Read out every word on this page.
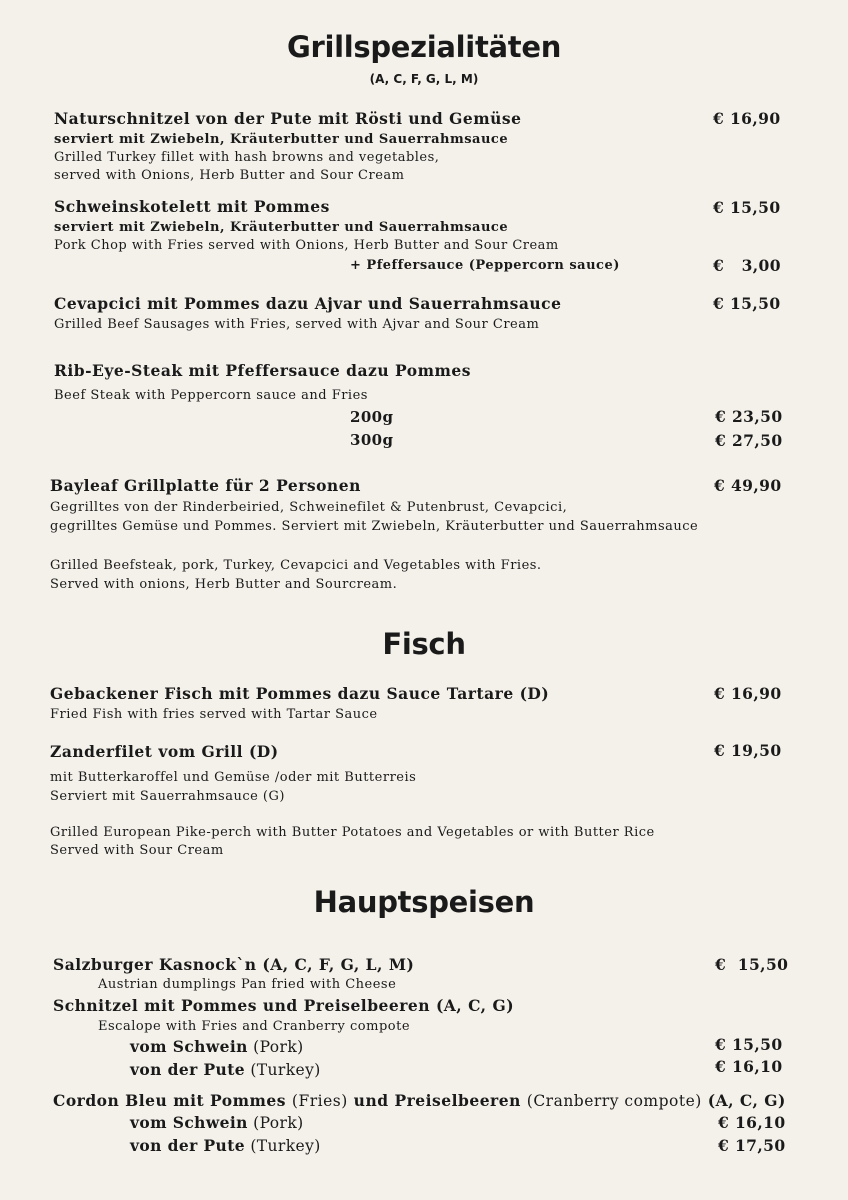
Grillspezialitäten
(A, C, F, G, L, M)
Naturschnitzel von der Pute mit Rösti und Gemüse	€ 16,90
serviert mit Zwiebeln, Kräuterbutter und Sauerrahmsauce
Grilled Turkey fillet with hash browns and vegetables,
served with Onions, Herb Butter and Sour Cream
Schweinskotelett mit Pommes	€ 15,50
serviert mit Zwiebeln, Kräuterbutter und Sauerrahmsauce
Pork Chop with Fries served with Onions, Herb Butter and Sour Cream
+ Pfeffersauce (Peppercorn sauce)	€   3,00
Cevapcici mit Pommes dazu Ajvar und Sauerrahmsauce	€ 15,50
Grilled Beef Sausages with Fries, served with Ajvar and Sour Cream
Rib-Eye-Steak mit Pfeffersauce dazu Pommes
Beef Steak with Peppercorn sauce and Fries
200g	€ 23,50
300g	€ 27,50
Bayleaf Grillplatte für 2 Personen	€ 49,90
Gegrilltes von der Rinderbeiried, Schweinefilet & Putenbrust, Cevapcici,
gegrilltes Gemüse und Pommes. Serviert mit Zwiebeln, Kräuterbutter und Sauerrahmsauce
Grilled Beefsteak, pork, Turkey, Cevapcici and Vegetables with Fries.
Served with onions, Herb Butter and Sourcream.
Fisch
Gebackener Fisch mit Pommes dazu Sauce Tartare (D)	€ 16,90
Fried Fish with fries served with Tartar Sauce
Zanderfilet vom Grill (D)	€ 19,50
mit Butterkaroffel und Gemüse /oder mit Butterreis
Serviert mit Sauerrahmsauce (G)
Grilled European Pike-perch with Butter Potatoes and Vegetables or with Butter Rice
Served with Sour Cream
Hauptspeisen
Salzburger Kasnock`n (A, C, F, G, L, M)	€  15,50
Austrian dumplings Pan fried with Cheese
Schnitzel mit Pommes und Preiselbeeren (A, C, G)
Escalope with Fries and Cranberry compote
vom Schwein (Pork)	€ 15,50
von der Pute (Turkey)	€ 16,10
Cordon Bleu mit Pommes (Fries) und Preiselbeeren (Cranberry compote) (A, C, G)
vom Schwein (Pork)	€ 16,10
von der Pute (Turkey)	€ 17,50
